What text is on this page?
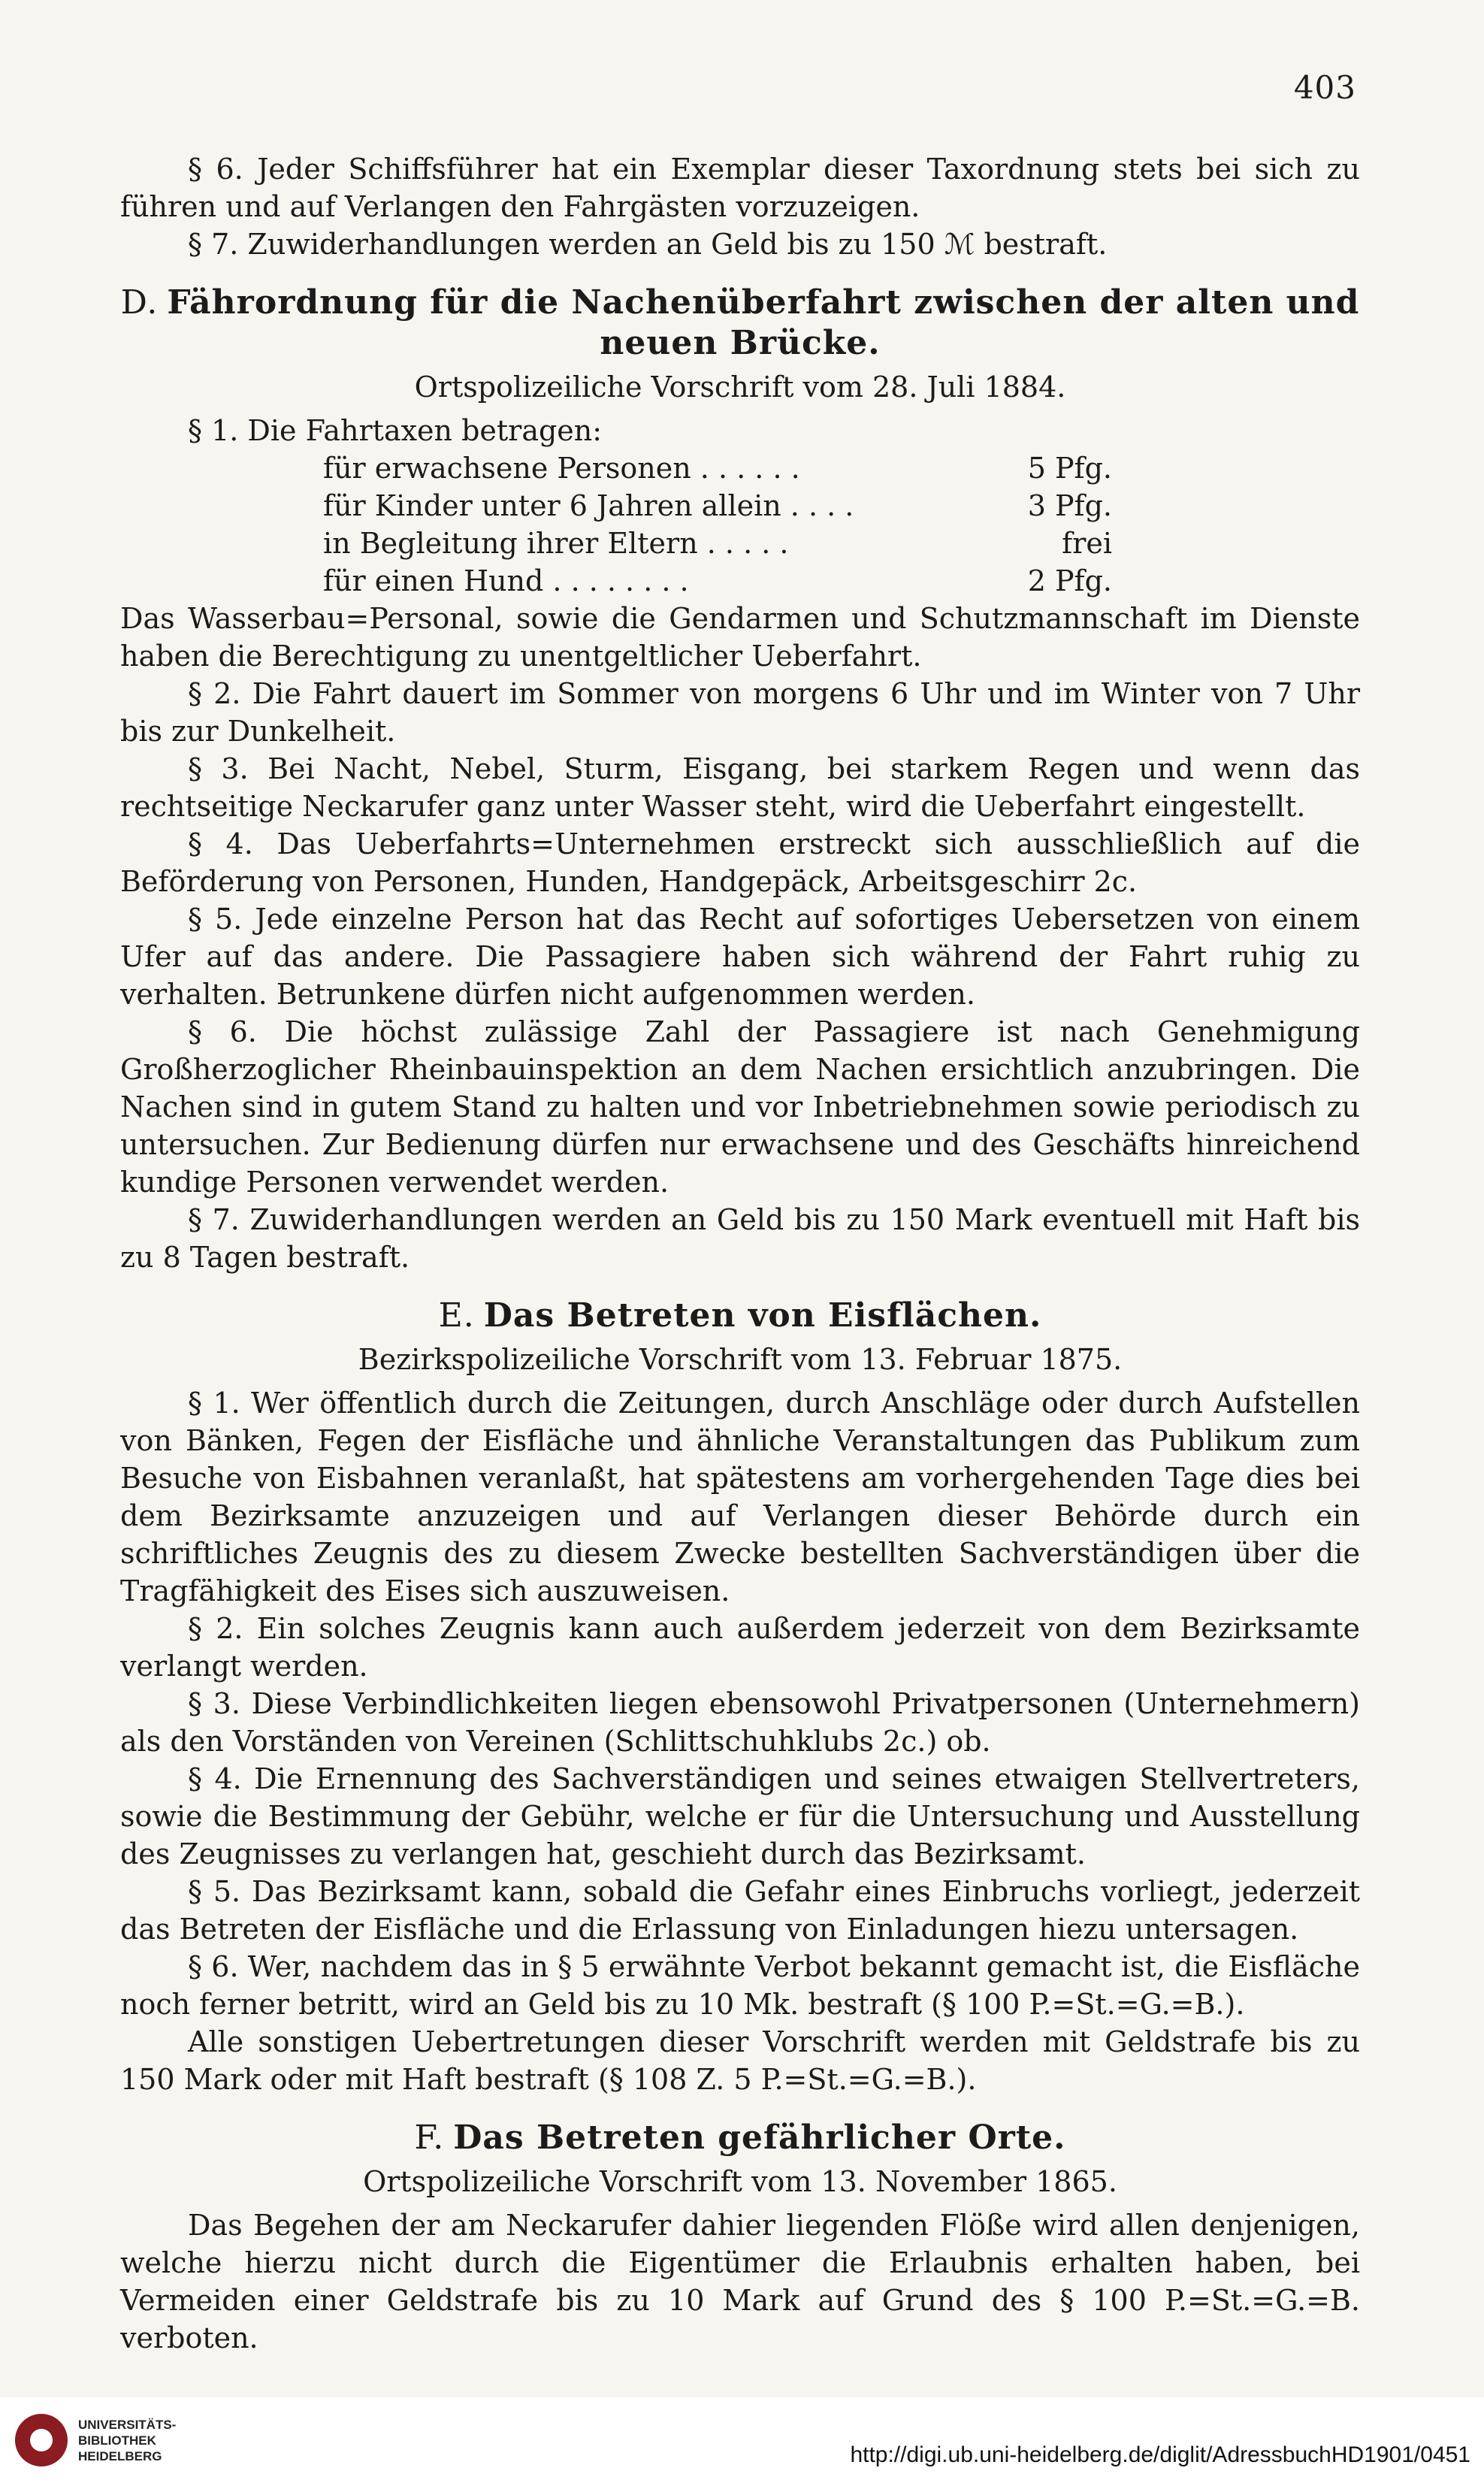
403

§ 6. Jeder Schiffsführer hat ein Exemplar dieser Taxordnung stets bei sich zu führen und auf Verlangen den Fahrgästen vorzuzeigen.

§ 7. Zuwiderhandlungen werden an Geld bis zu 150 ℳ bestraft.

D. Fährordnung für die Nachenüberfahrt zwischen der alten und neuen Brücke.
Ortspolizeiliche Vorschrift vom 28. Juli 1884.

§ 1. Die Fahrtaxen betragen:

für erwachsene Personen . . . . . .	5 Pfg.
für Kinder unter 6 Jahren allein . . . .	3 Pfg.
in Begleitung ihrer Eltern . . . . .	frei
für einen Hund . . . . . . . .	2 Pfg.

Das Wasserbau=Personal, sowie die Gendarmen und Schutzmannschaft im Dienste haben die Berechtigung zu unentgeltlicher Ueberfahrt.

§ 2. Die Fahrt dauert im Sommer von morgens 6 Uhr und im Winter von 7 Uhr bis zur Dunkelheit.

§ 3. Bei Nacht, Nebel, Sturm, Eisgang, bei starkem Regen und wenn das rechtseitige Neckarufer ganz unter Wasser steht, wird die Ueberfahrt eingestellt.

§ 4. Das Ueberfahrts=Unternehmen erstreckt sich ausschließlich auf die Beförderung von Personen, Hunden, Handgepäck, Arbeitsgeschirr 2c.

§ 5. Jede einzelne Person hat das Recht auf sofortiges Uebersetzen von einem Ufer auf das andere. Die Passagiere haben sich während der Fahrt ruhig zu verhalten. Betrunkene dürfen nicht aufgenommen werden.

§ 6. Die höchst zulässige Zahl der Passagiere ist nach Genehmigung Großherzoglicher Rheinbauinspektion an dem Nachen ersichtlich anzubringen. Die Nachen sind in gutem Stand zu halten und vor Inbetriebnehmen sowie periodisch zu untersuchen. Zur Bedienung dürfen nur erwachsene und des Geschäfts hinreichend kundige Personen verwendet werden.

§ 7. Zuwiderhandlungen werden an Geld bis zu 150 Mark eventuell mit Haft bis zu 8 Tagen bestraft.

E. Das Betreten von Eisflächen.
Bezirkspolizeiliche Vorschrift vom 13. Februar 1875.

§ 1. Wer öffentlich durch die Zeitungen, durch Anschläge oder durch Aufstellen von Bänken, Fegen der Eisfläche und ähnliche Veranstaltungen das Publikum zum Besuche von Eisbahnen veranlaßt, hat spätestens am vorhergehenden Tage dies bei dem Bezirksamte anzuzeigen und auf Verlangen dieser Behörde durch ein schriftliches Zeugnis des zu diesem Zwecke bestellten Sachverständigen über die Tragfähigkeit des Eises sich auszuweisen.

§ 2. Ein solches Zeugnis kann auch außerdem jederzeit von dem Bezirksamte verlangt werden.

§ 3. Diese Verbindlichkeiten liegen ebensowohl Privatpersonen (Unternehmern) als den Vorständen von Vereinen (Schlittschuhklubs 2c.) ob.

§ 4. Die Ernennung des Sachverständigen und seines etwaigen Stellvertreters, sowie die Bestimmung der Gebühr, welche er für die Untersuchung und Ausstellung des Zeugnisses zu verlangen hat, geschieht durch das Bezirksamt.

§ 5. Das Bezirksamt kann, sobald die Gefahr eines Einbruchs vorliegt, jederzeit das Betreten der Eisfläche und die Erlassung von Einladungen hiezu untersagen.

§ 6. Wer, nachdem das in § 5 erwähnte Verbot bekannt gemacht ist, die Eisfläche noch ferner betritt, wird an Geld bis zu 10 Mk. bestraft (§ 100 P.=St.=G.=B.).

Alle sonstigen Uebertretungen dieser Vorschrift werden mit Geldstrafe bis zu 150 Mark oder mit Haft bestraft (§ 108 Z. 5 P.=St.=G.=B.).

F. Das Betreten gefährlicher Orte.
Ortspolizeiliche Vorschrift vom 13. November 1865.

Das Begehen der am Neckarufer dahier liegenden Flöße wird allen denjenigen, welche hierzu nicht durch die Eigentümer die Erlaubnis erhalten haben, bei Vermeiden einer Geldstrafe bis zu 10 Mark auf Grund des § 100 P.=St.=G.=B. verboten.

UNIVERSITÄTS-
BIBLIOTHEK
HEIDELBERG	http://digi.ub.uni-heidelberg.de/diglit/AdressbuchHD1901/0451
